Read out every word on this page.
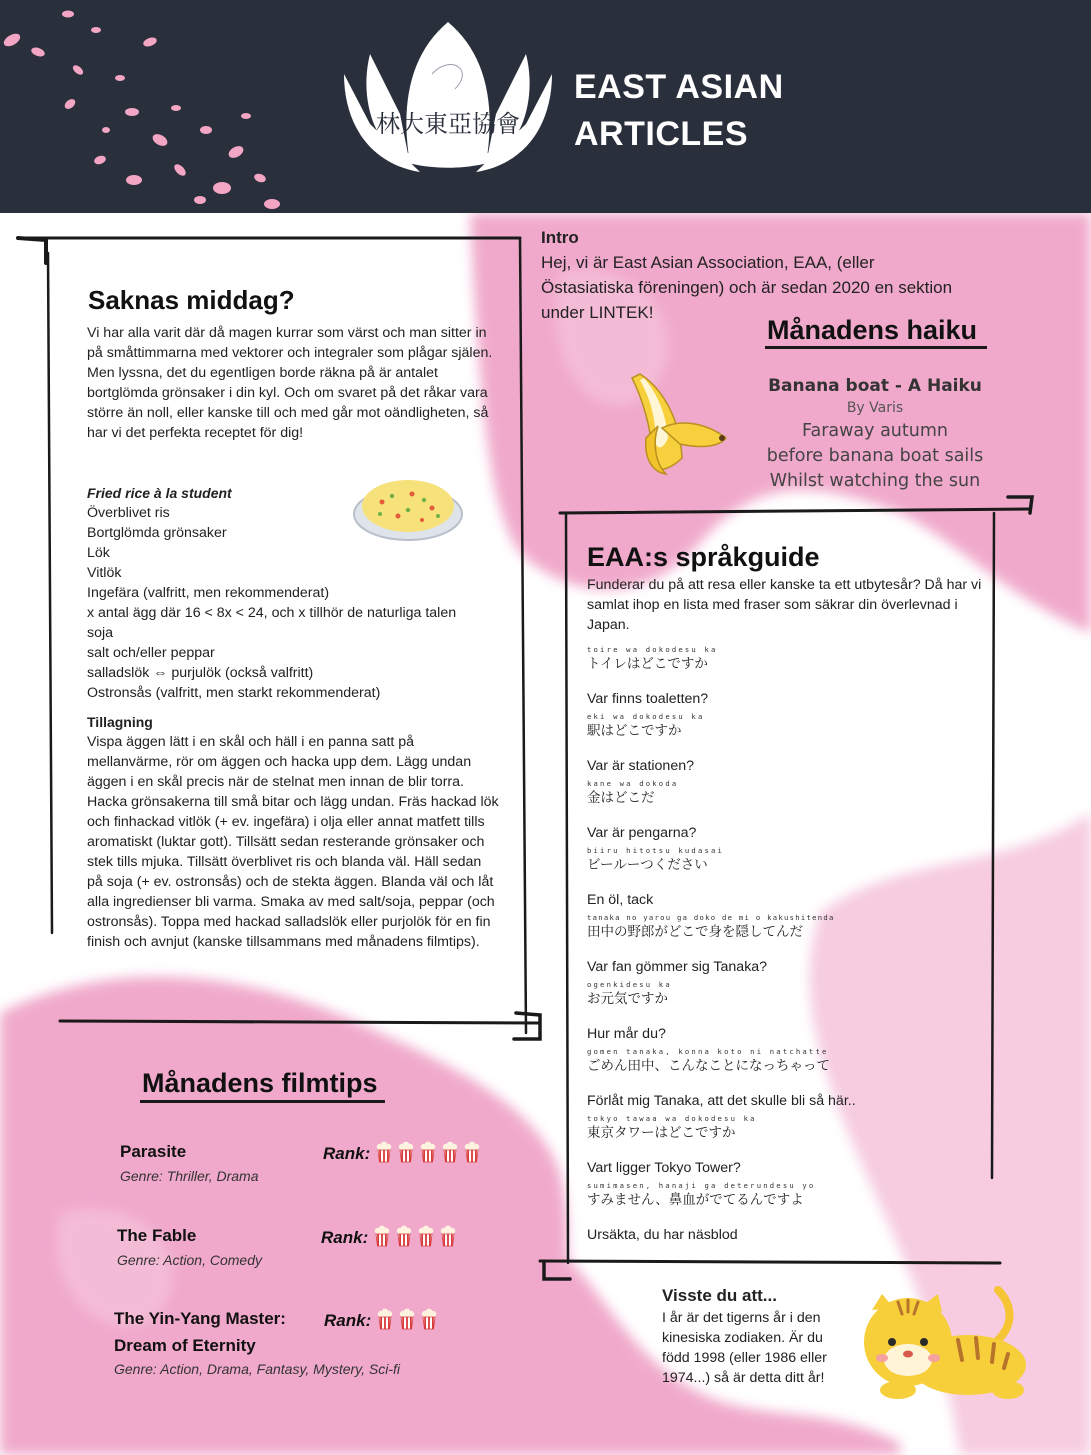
林大東亞協會
EAST ASIAN
ARTICLES
Saknas middag?
Vi har alla varit där då magen kurrar som värst och man sitter in på småttimmarna med vektorer och integraler som plågar själen. Men lyssna, det du egentligen borde räkna på är antalet bortglömda grönsaker i din kyl. Och om svaret på det råkar vara större än noll, eller kanske till och med går mot oändligheten, så har vi det perfekta receptet för dig!
Fried rice à la student
Överblivet ris
Bortglömda grönsaker
Lök
Vitlök
Ingefära (valfritt, men rekommenderat)
x antal ägg där 16 < 8x < 24, och x tillhör de naturliga talen
soja
salt och/eller peppar
salladslök ⇔ purjulök (också valfritt)
Ostronsås (valfritt, men starkt rekommenderat)
Tillagning
Vispa äggen lätt i en skål och häll i en panna satt på mellanvärme, rör om äggen och hacka upp dem. Lägg undan äggen i en skål precis när de stelnat men innan de blir torra. Hacka grönsakerna till små bitar och lägg undan. Fräs hackad lök och finhackad vitlök (+ ev. ingefära) i olja eller annat matfett tills aromatiskt (luktar gott). Tillsätt sedan resterande grönsaker och stek tills mjuka. Tillsätt överblivet ris och blanda väl. Häll sedan på soja (+ ev. ostronsås) och de stekta äggen. Blanda väl och låt alla ingredienser bli varma. Smaka av med salt/soja, peppar (och ostronsås). Toppa med hackad salladslök eller purjolök för en fin finish och avnjut (kanske tillsammans med månadens filmtips).
Intro
Hej, vi är East Asian Association, EAA, (eller Östasiatiska föreningen) och är sedan 2020 en sektion under LINTEK!
Månadens haiku
Banana boat - A Haiku
By Varis
Faraway autumn
before banana boat sails
Whilst watching the sun
EAA:s språkguide
Funderar du på att resa eller kanske ta ett utbytesår? Då har vi samlat ihop en lista med fraser som säkrar din överlevnad i Japan.
toire wa dokodesu ka
トイレはどこですか
Var finns toaletten?
eki wa dokodesu ka
駅はどこですか
Var är stationen?
kane wa dokoda
金はどこだ
Var är pengarna?
biiru hitotsu kudasai
ビールーつください
En öl, tack
tanaka no yarou ga doko de mi o kakushitenda
田中の野郎がどこで身を隠してんだ
Var fan gömmer sig Tanaka?
ogenkidesu ka
お元気ですか
Hur mår du?
gomen tanaka, konna koto ni natchatte
ごめん田中、こんなことになっちゃって
Förlåt mig Tanaka, att det skulle bli så här..
tokyo tawaa wa dokodesu ka
東京タワーはどこですか
Vart ligger Tokyo Tower?
sumimasen, hanaji ga deterundesu yo
すみません、鼻血がでてるんですよ
Ursäkta, du har näsblod
Månadens filmtips
Parasite
Genre: Thriller, Drama
Rank:
The Fable
Genre: Action, Comedy
Rank:
The Yin-Yang Master:
Dream of Eternity
Genre: Action, Drama, Fantasy, Mystery, Sci-fi
Rank:
Visste du att...
I år är det tigerns år i den kinesiska zodiaken. Är du född 1998 (eller 1986 eller 1974...) så är detta ditt år!
